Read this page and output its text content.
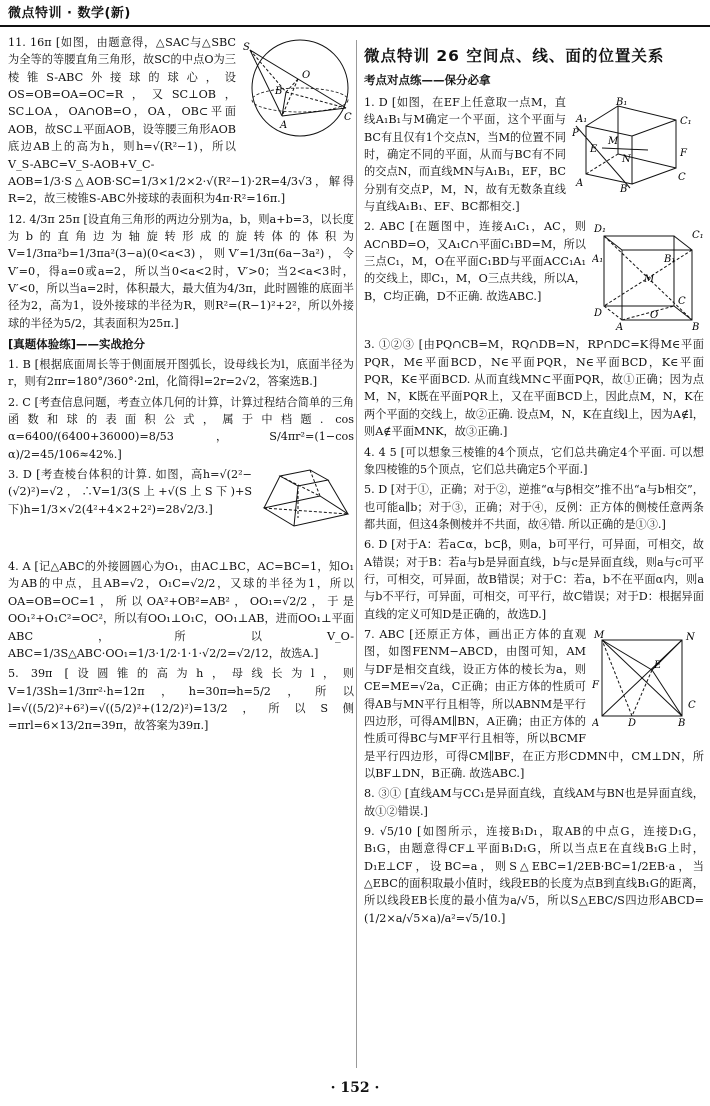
微点特训 · 数学(新)
S
O
B
C
A
11. 16π [如图，由题意得，△SAC与△SBC为全等的等腰直角三角形，故SC的中点O为三棱锥S-ABC外接球的球心，设OS=OB=OA=OC=R，又SC⊥OB，SC⊥OA，OA∩OB=O，OA，OB⊂平面AOB，故SC⊥平面AOB，设等腰三角形AOB底边AB上的高为h，则h=√(R²−1)，所以V_S-ABC=V_S-AOB+V_C-AOB=1/3·S△AOB·SC=1/3×1/2×2·√(R²−1)·2R=4/3√3，解得R=2，故三棱锥S-ABC外接球的表面积为4π·R²=16π.]
12. 4/3π 25π [设直角三角形的两边分别为a，b，则a+b=3，以长度为b的直角边为轴旋转形成的旋转体的体积为V=1/3πa²b=1/3πa²(3−a)(0<a<3)，则V′=1/3π(6a−3a²)，令V′=0，得a=0或a=2，所以当0<a<2时，V′>0；当2<a<3时，V′<0，所以当a=2时，体积最大，最大值为4/3π，此时圆锥的底面半径为2，高为1，设外接球的半径为R，则R²=(R−1)²+2²，所以外接球的半径为5/2，其表面积为25π.]
[真题体验练]——实战抢分
1. B [根据底面周长等于侧面展开图弧长，设母线长为l，底面半径为r，则有2πr=180°/360°·2πl，化简得l=2r=2√2，答案选B.]
2. C [考查信息问题，考查立体几何的计算，计算过程结合简单的三角函数和球的表面积公式，属于中档题. cos α=6400/(6400+36000)=8/53，S/4πr²=(1−cos α)/2=45/106≈42%.]
3. D [考查棱台体积的计算. 如图，高h=√(2²−(√2)²)=√2，∴V=1/3(S上+√(S上S下)+S下)h=1/3×√2(4²+4×2+2²)=28√2/3.]
4. A [记△ABC的外接圆圆心为O₁，由AC⊥BC，AC=BC=1，知O₁为AB的中点，且AB=√2，O₁C=√2/2，又球的半径为1，所以OA=OB=OC=1，所以OA²+OB²=AB²，OO₁=√2/2，于是OO₁²+O₁C²=OC²，所以有OO₁⊥O₁C，OO₁⊥AB，进而OO₁⊥平面ABC，所以V_O-ABC=1/3S△ABC·OO₁=1/3·1/2·1·1·√2/2=√2/12，故选A.]
5. 39π [设圆锥的高为h，母线长为l，则V=1/3Sh=1/3πr²·h=12π，h=30π⇒h=5/2，所以l=√((5/2)²+6²)=√((5/2)²+(12/2)²)=13/2，所以S侧=πrl=6×13/2π=39π，故答案为39π.]
微点特训 26 空间点、线、面的位置关系
考点对点练——保分必拿
B₁
C₁
A₁
E	F
M
N
P
A
B
C
1. D [如图，在EF上任意取一点M，直线A₁B₁与M确定一个平面，这个平面与BC有且仅有1个交点N，当M的位置不同时，确定不同的平面，从而与BC有不同的交点N，而直线MN与A₁B₁，EF，BC分别有交点P，M，N，故有无数条直线与直线A₁B₁、EF、BC都相交.]
D₁
C₁
A₁	B₁
M
D
C
O
A	B
2. ABC [在题图中，连接A₁C₁，AC，则AC∩BD=O，又A₁C∩平面C₁BD=M，所以三点C₁，M，O在平面C₁BD与平面ACC₁A₁的交线上，即C₁，M，O三点共线，所以A，B，C均正确，D不正确. 故选ABC.]
3. ①②③ [由PQ∩CB=M，RQ∩DB=N，RP∩DC=K得M∈平面PQR，M∈平面BCD，N∈平面PQR，N∈平面BCD，K∈平面PQR，K∈平面BCD. 从而直线MN⊂平面PQR，故①正确；因为点M，N，K既在平面PQR上，又在平面BCD上，因此点M，N，K在两个平面的交线上，故②正确. 设点M，N，K在直线l上，因为A∉l，则A∉平面MNK，故③正确.]
4. 4 5 [可以想象三棱锥的4个顶点，它们总共确定4个平面. 可以想象四棱锥的5个顶点，它们总共确定5个平面.]
5. D [对于①，正确；对于②，逆推“α与β相交”推不出“a与b相交”，也可能a∥b；对于③，正确；对于④，反例：正方体的侧棱任意两条都共面，但这4条侧棱并不共面，故④错. 所以正确的是①③.]
6. D [对于A：若a⊂α，b⊂β，则a，b可平行，可异面，可相交，故A错误；对于B：若a与b是异面直线，b与c是异面直线，则a与c可平行，可相交，可异面，故B错误；对于C：若a，b不在平面α内，则a与b不平行，可异面，可相交，可平行，故C错误；对于D：根据异面直线的定义可知D是正确的，故选D.]
M	N
F
E
A	B
C
D
7. ABC [还原正方体，画出正方体的直观图，如图FENM−ABCD，由图可知，AM与DF是相交直线，设正方体的棱长为a，则CE=ME=√2a，C正确；由正方体的性质可得AB与MN平行且相等，所以ABNM是平行四边形，可得AM∥BN，A正确；由正方体的性质可得BC与MF平行且相等，所以BCMF是平行四边形，可得CM∥BF，在正方形CDMN中，CM⊥DN，所以BF⊥DN，B正确. 故选ABC.]
8. ③① [直线AM与CC₁是异面直线，直线AM与BN也是异面直线，故①②错误.]
9. √5/10 [如图所示，连接B₁D₁，取AB的中点G，连接D₁G，B₁G，由题意得CF⊥平面B₁D₁G，所以当点E在直线B₁G上时，D₁E⊥CF，设BC=a，则S△EBC=1/2EB·BC=1/2EB·a，当△EBC的面积取最小值时，线段EB的长度为点B到直线B₁G的距离，所以线段EB长度的最小值为a/√5，所以S△EBC/S四边形ABCD=(1/2×a/√5×a)/a²=√5/10.]
· 152 ·
